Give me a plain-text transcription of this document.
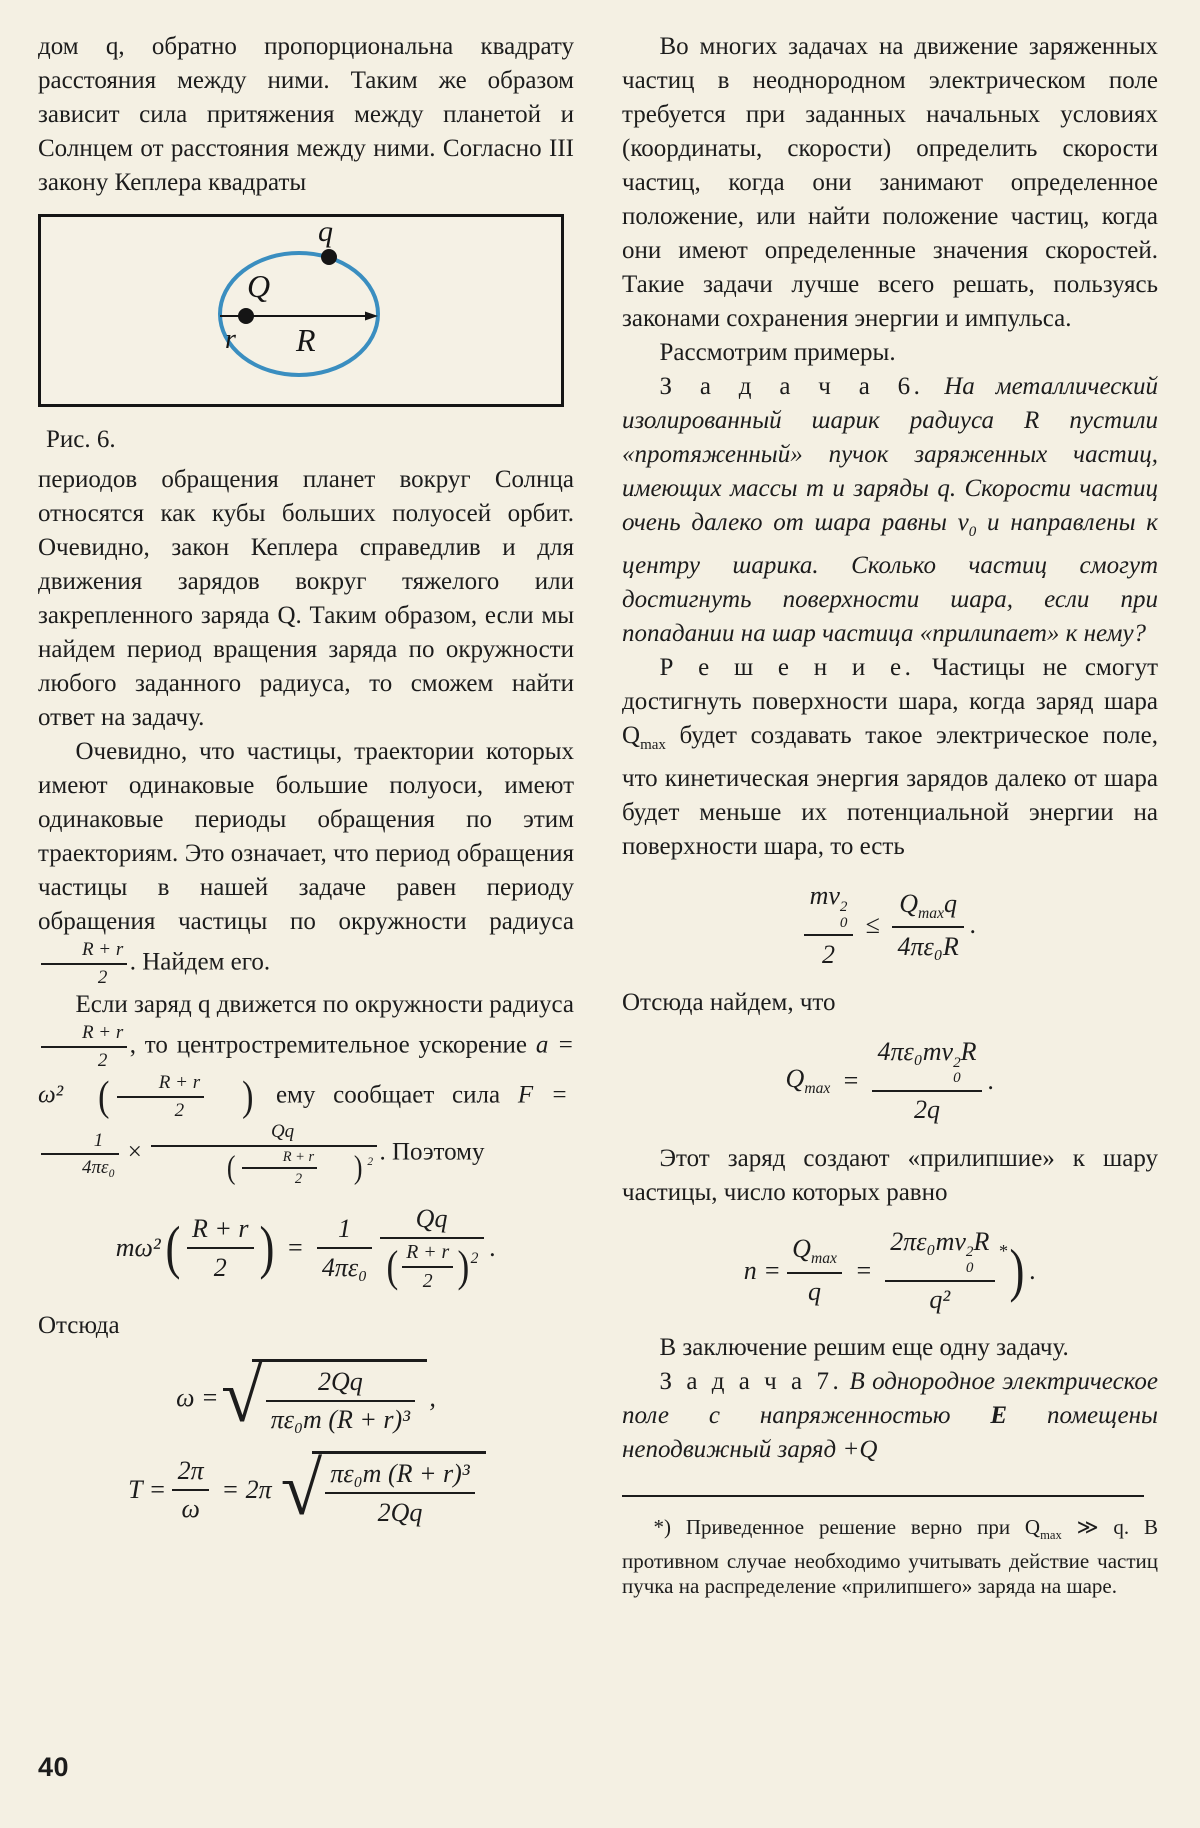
дом q, обратно пропорциональна квадрату расстояния между ними. Таким же образом зависит сила притяжения между планетой и Солнцем от расстояния между ними. Согласно III закону Кеплера квадраты

q
Q
r R
Рис. 6.

периодов обращения планет вокруг Солнца относятся как кубы больших полуосей орбит. Очевидно, закон Кеплера справедлив и для движения зарядов вокруг тяжелого или закрепленного заряда Q. Таким образом, если мы найдем период вращения заряда по окружности любого заданного радиуса, то сможем найти ответ на задачу.

Очевидно, что частицы, траектории которых имеют одинаковые большие полуоси, имеют одинаковые периоды обращения по этим траекториям. Это означает, что период обращения частицы в нашей задаче равен периоду обращения частицы по окружности радиуса
$\frac{R + r}{2}$ . Найдем его.

Если заряд q движется по окружности радиуса
$\frac{R + r}{2}$ , то центростремительное ускорение a = ω² ( $\frac{R + r}{2}$ ) ему сообщает сила F =
$\frac{1}{\text{4πε₀}} \times \frac{Qq}{( \frac{R + r}{2} ) ^2}$ . Поэтому

$m\omega^2( \frac{R + r}{2}$ ) = $\frac{1}{\text{4πε₀}} \frac{Qq}{( \frac{R + r}{2} )^2}$ .

Отсюда

ω = √ $\frac{2Qq}{\text{πε₀m (R + r)³}}$ ,
$T = \frac{2\pi}{\omega} = 2\pi$ √ $\frac{\text{πε₀m (R + r)³}}{2Qq}$

Во многих задачах на движение заряженных частиц в неоднородном электрическом поле требуется при заданных начальных условиях (координаты, скорости) определить скорости частиц, когда они занимают определенное положение, или найти положение частиц, когда они имеют определенные значения скоростей. Такие задачи лучше всего решать, пользуясь законами сохранения энергии и импульса.

Рассмотрим примеры.

З а д а ч а 6. На металлический изолированный шарик радиуса R пустили «протяженный» пучок заряженных частиц, имеющих массы m и заряды q. Скорости частиц очень далеко от шара равны $v_0$ и направлены к центру шарика. Сколько частиц смогут достигнуть поверхности шара, если при попадании на шар частица «прилипает» к нему?

Р е ш е н и е. Частицы не смогут достигнуть поверхности шара, когда заряд шара $Q_{max}$ будет создавать такое электрическое поле, что кинетическая энергия зарядов далеко от шара будет меньше их потенциальной энергии на поверхности шара, то есть

mv 2
0
$2 \le \frac{Q_{max}q}{\text{4πε₀R}}$ .

Отсюда найдем, что

$Q_{max} = 4\pi\varepsilon_0mv$ 2
0
R
2q .

Этот заряд создают «прилипшие» к шару частицы, число которых равно

$n = \frac{Q_{max}}{q} = 2\pi\varepsilon_0mv$ 2
0
R
q² *) .

В заключение решим еще одну задачу.

З а д а ч а 7. В однородное электрическое поле с напряженностью E помещены неподвижный заряд +Q

*) Приведенное решение верно при $Q_{max}$ ≫ q. В противном случае необходимо учитывать действие частиц пучка на распределение «прилипшего» заряда на шаре.

40
